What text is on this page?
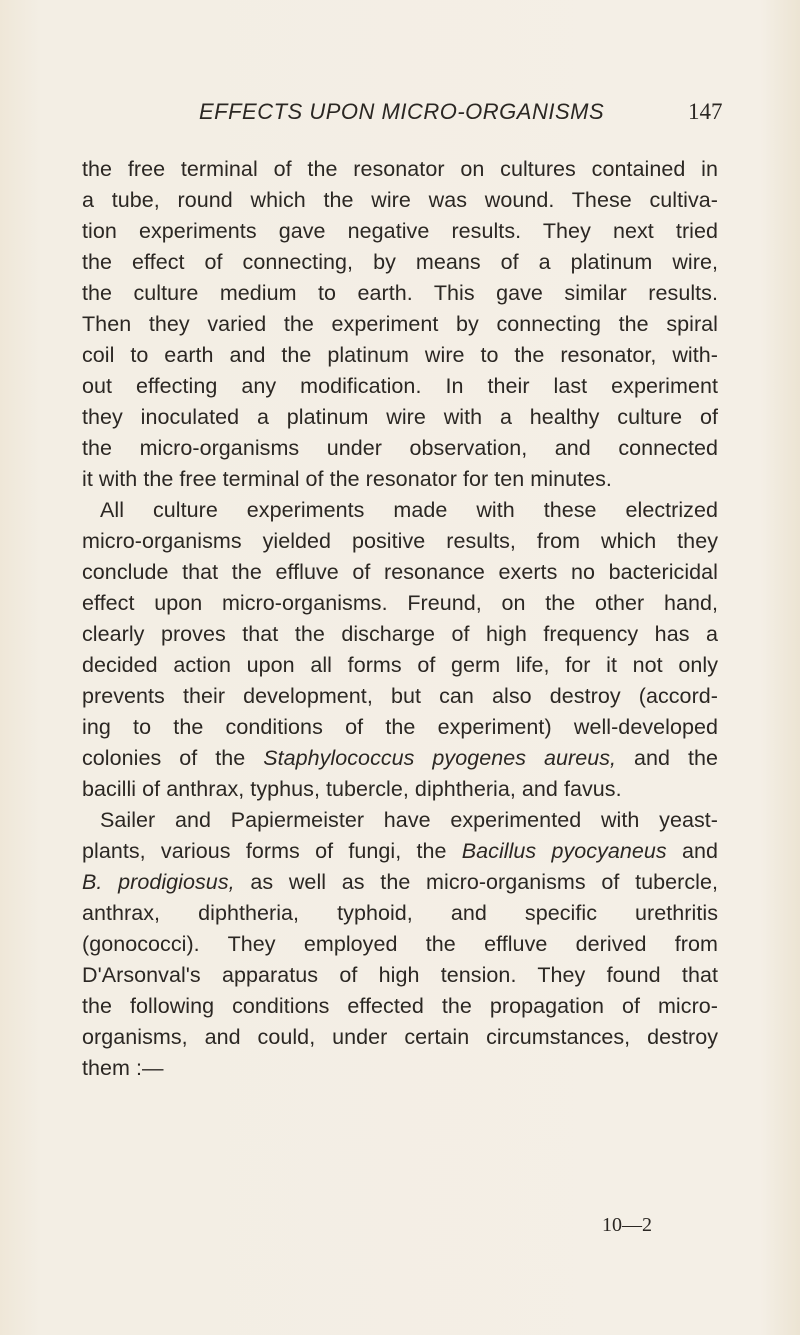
EFFECTS UPON MICRO-ORGANISMS	147
the free terminal of the resonator on cultures contained in
a tube, round which the wire was wound. These cultiva-
tion experiments gave negative results. They next tried
the effect of connecting, by means of a platinum wire,
the culture medium to earth. This gave similar results.
Then they varied the experiment by connecting the spiral
coil to earth and the platinum wire to the resonator, with-
out effecting any modification. In their last experiment
they inoculated a platinum wire with a healthy culture of
the micro-organisms under observation, and connected
it with the free terminal of the resonator for ten minutes.
All culture experiments made with these electrized
micro-organisms yielded positive results, from which they
conclude that the effluve of resonance exerts no bactericidal
effect upon micro-organisms. Freund, on the other hand,
clearly proves that the discharge of high frequency has a
decided action upon all forms of germ life, for it not only
prevents their development, but can also destroy (accord-
ing to the conditions of the experiment) well-developed
colonies of the Staphylococcus pyogenes aureus, and the
bacilli of anthrax, typhus, tubercle, diphtheria, and favus.
Sailer and Papiermeister have experimented with yeast-
plants, various forms of fungi, the Bacillus pyocyaneus and
B. prodigiosus, as well as the micro-organisms of tubercle,
anthrax, diphtheria, typhoid, and specific urethritis
(gonococci). They employed the effluve derived from
D'Arsonval's apparatus of high tension. They found that
the following conditions effected the propagation of micro-
organisms, and could, under certain circumstances, destroy
them :—
10—2
